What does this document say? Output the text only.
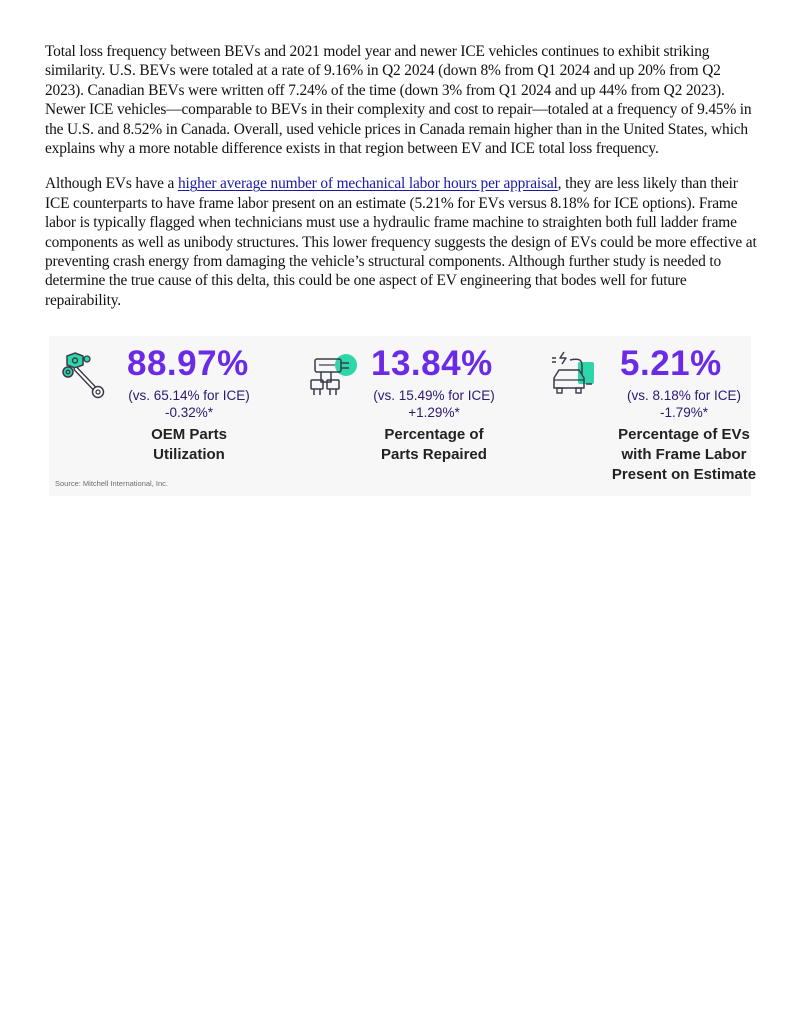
Total loss frequency between BEVs and 2021 model year and newer ICE vehicles continues to exhibit striking similarity. U.S. BEVs were totaled at a rate of 9.16% in Q2 2024 (down 8% from Q1 2024 and up 20% from Q2 2023). Canadian BEVs were written off 7.24% of the time (down 3% from Q1 2024 and up 44% from Q2 2023). Newer ICE vehicles—comparable to BEVs in their complexity and cost to repair—totaled at a frequency of 9.45% in the U.S. and 8.52% in Canada. Overall, used vehicle prices in Canada remain higher than in the United States, which explains why a more notable difference exists in that region between EV and ICE total loss frequency.

Although EVs have a higher average number of mechanical labor hours per appraisal, they are less likely than their ICE counterparts to have frame labor present on an estimate (5.21% for EVs versus 8.18% for ICE options). Frame labor is typically flagged when technicians must use a hydraulic frame machine to straighten both full ladder frame components as well as unibody structures. This lower frequency suggests the design of EVs could be more effective at preventing crash energy from damaging the vehicle’s structural components. Although further study is needed to determine the true cause of this delta, this could be one aspect of EV engineering that bodes well for future repairability.

88.97%
(vs. 65.14% for ICE)
-0.32%*
OEM Parts
Utilization
13.84%
(vs. 15.49% for ICE)
+1.29%*
Percentage of
Parts Repaired
5.21%
(vs. 8.18% for ICE)
-1.79%*
Percentage of EVs
with Frame Labor
Present on Estimate
Source: Mitchell International, Inc.
